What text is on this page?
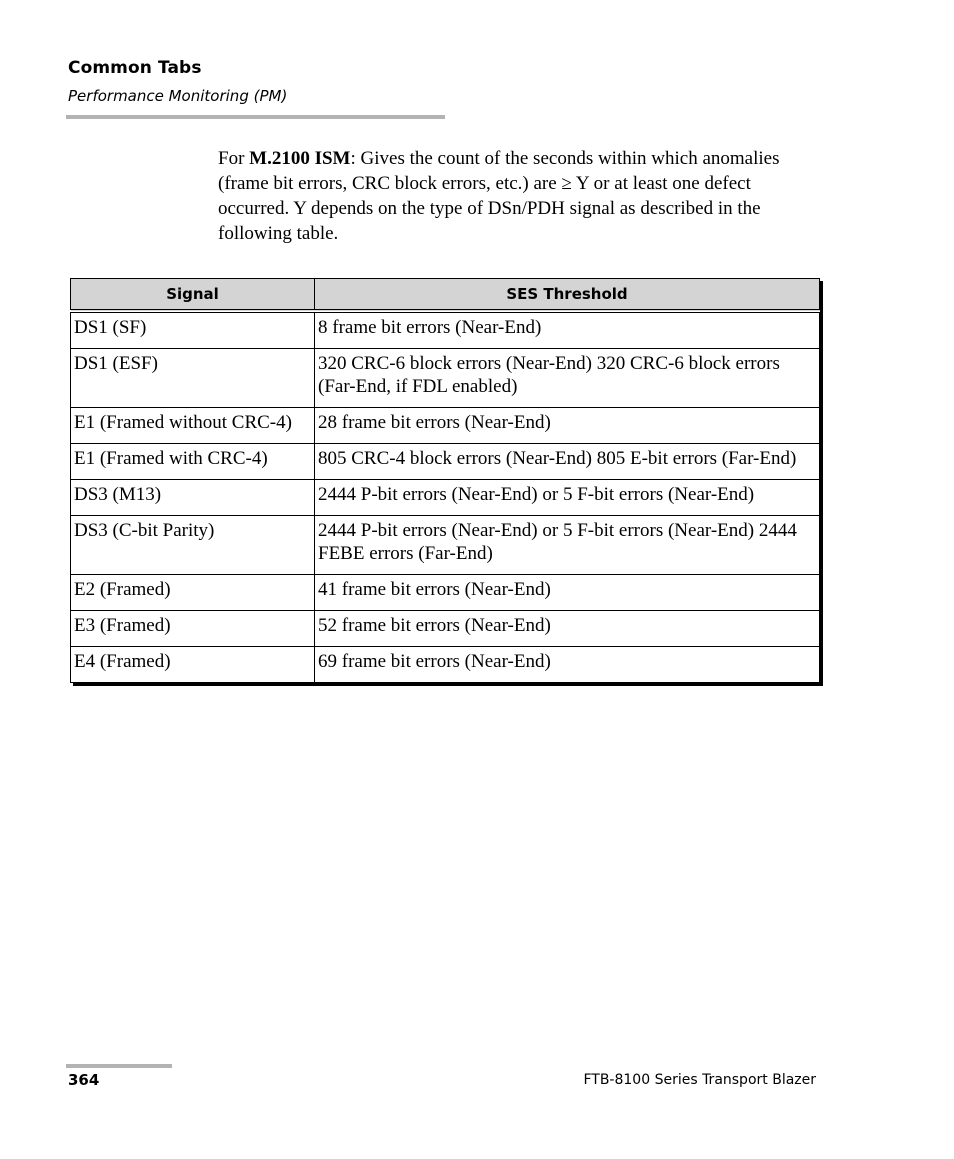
Common Tabs
Performance Monitoring (PM)

For M.2100 ISM: Gives the count of the seconds within which anomalies (frame bit errors, CRC block errors, etc.) are ≥ Y or at least one defect occurred. Y depends on the type of DSn/PDH signal as described in the following table.

Signal	SES Threshold
DS1 (SF)	8 frame bit errors (Near-End)
DS1 (ESF)	320 CRC-6 block errors (Near-End) 320 CRC-6 block errors (Far-End, if FDL enabled)
E1 (Framed without CRC-4)	28 frame bit errors (Near-End)
E1 (Framed with CRC-4)	805 CRC-4 block errors (Near-End) 805 E-bit errors (Far-End)
DS3 (M13)	2444 P-bit errors (Near-End) or 5 F-bit errors (Near-End)
DS3 (C-bit Parity)	2444 P-bit errors (Near-End) or 5 F-bit errors (Near-End) 2444 FEBE errors (Far-End)
E2 (Framed)	41 frame bit errors (Near-End)
E3 (Framed)	52 frame bit errors (Near-End)
E4 (Framed)	69 frame bit errors (Near-End)
364	FTB-8100 Series Transport Blazer
